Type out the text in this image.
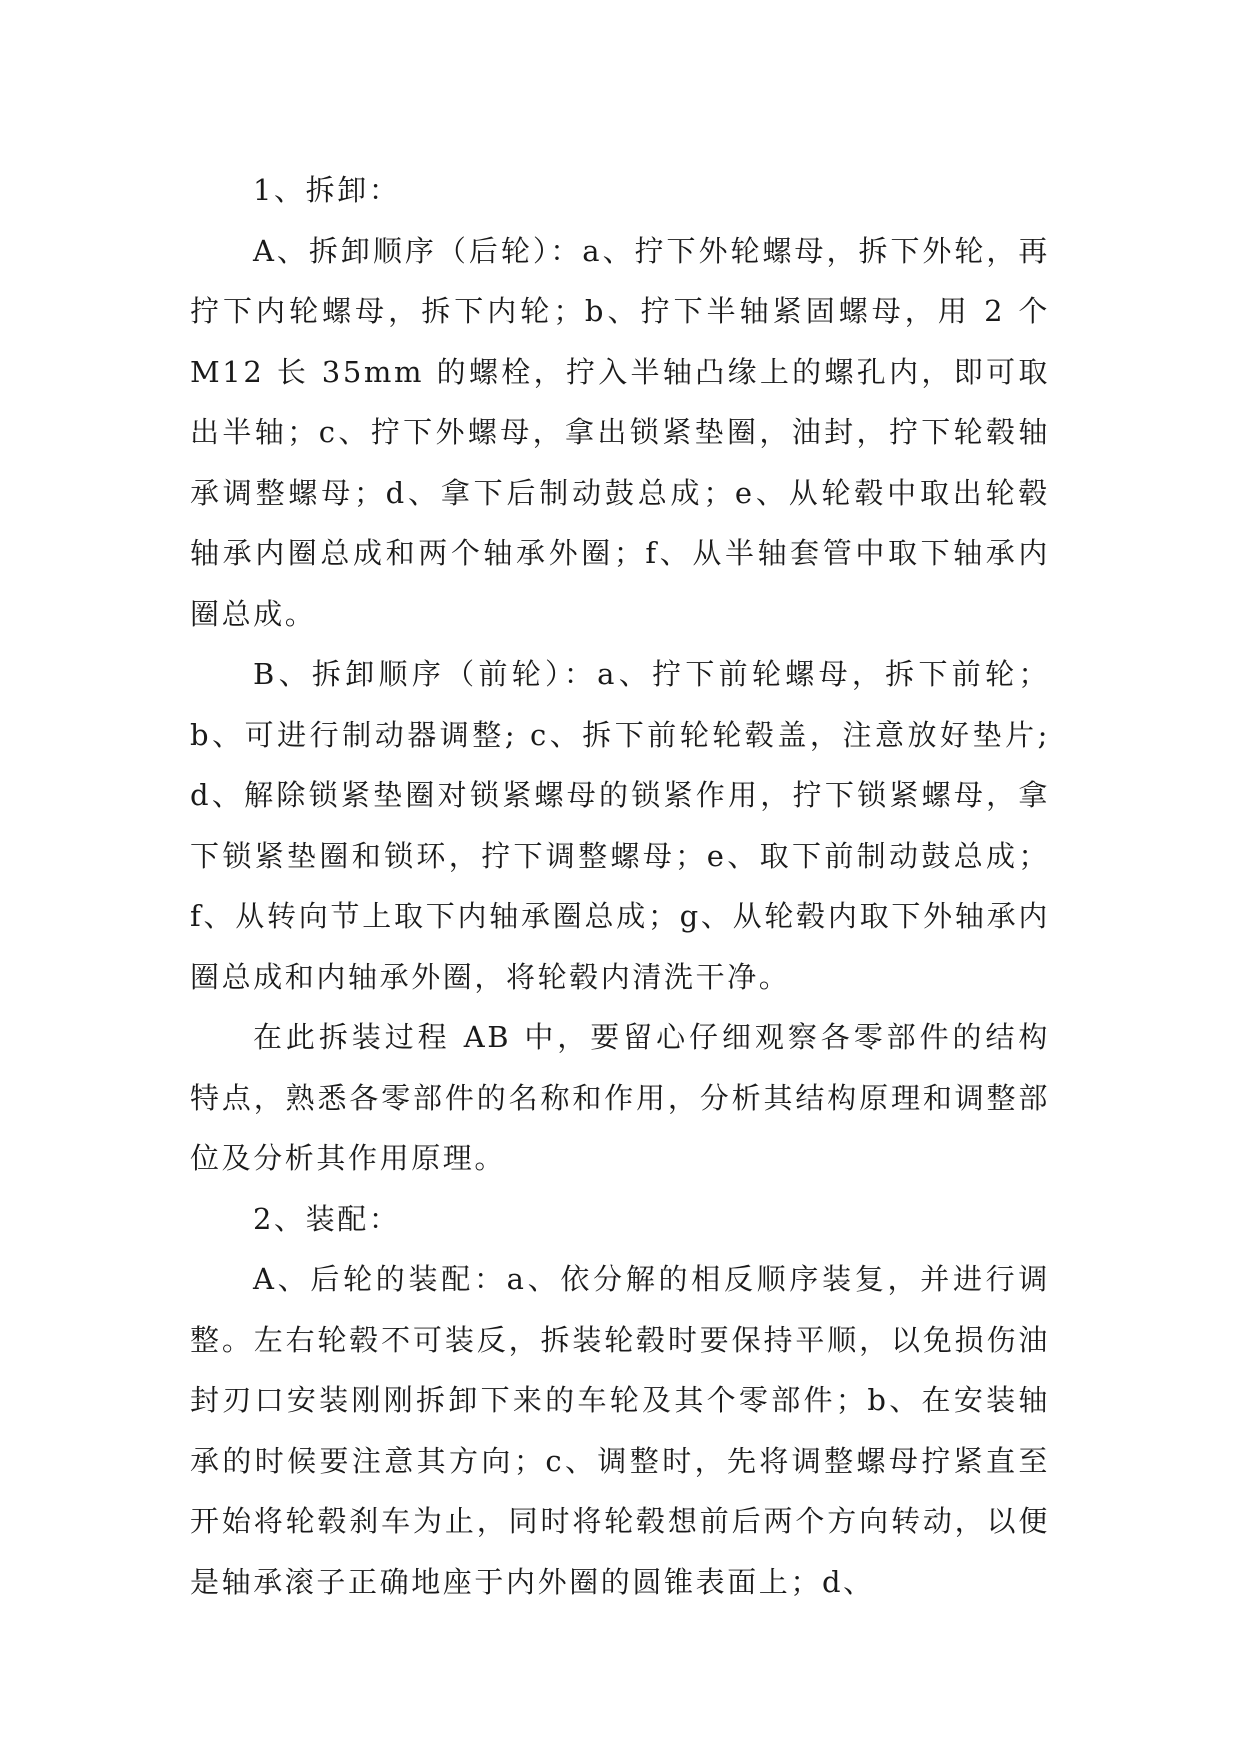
1、拆卸：

A、拆卸顺序（后轮）：a、拧下外轮螺母，拆下外轮，再拧下内轮螺母，拆下内轮；b、拧下半轴紧固螺母，用 2 个 M12 长 35mm 的螺栓，拧入半轴凸缘上的螺孔内，即可取出半轴；c、拧下外螺母，拿出锁紧垫圈，油封，拧下轮毂轴承调整螺母；d、拿下后制动鼓总成；e、从轮毂中取出轮毂轴承内圈总成和两个轴承外圈；f、从半轴套管中取下轴承内圈总成。

B、拆卸顺序（前轮）：a、拧下前轮螺母，拆下前轮；b、可进行制动器调整; c、拆下前轮轮毂盖，注意放好垫片; d、解除锁紧垫圈对锁紧螺母的锁紧作用，拧下锁紧螺母，拿下锁紧垫圈和锁环，拧下调整螺母；e、取下前制动鼓总成；f、从转向节上取下内轴承圈总成；g、从轮毂内取下外轴承内圈总成和内轴承外圈，将轮毂内清洗干净。

在此拆装过程 AB 中，要留心仔细观察各零部件的结构特点，熟悉各零部件的名称和作用，分析其结构原理和调整部位及分析其作用原理。

2、装配：

A、后轮的装配：a、依分解的相反顺序装复，并进行调整。左右轮毂不可装反，拆装轮毂时要保持平顺，以免损伤油封刃口安装刚刚拆卸下来的车轮及其个零部件；b、在安装轴承的时候要注意其方向；c、调整时，先将调整螺母拧紧直至开始将轮毂刹车为止，同时将轮毂想前后两个方向转动，以便是轴承滚子正确地座于内外圈的圆锥表面上；d、
